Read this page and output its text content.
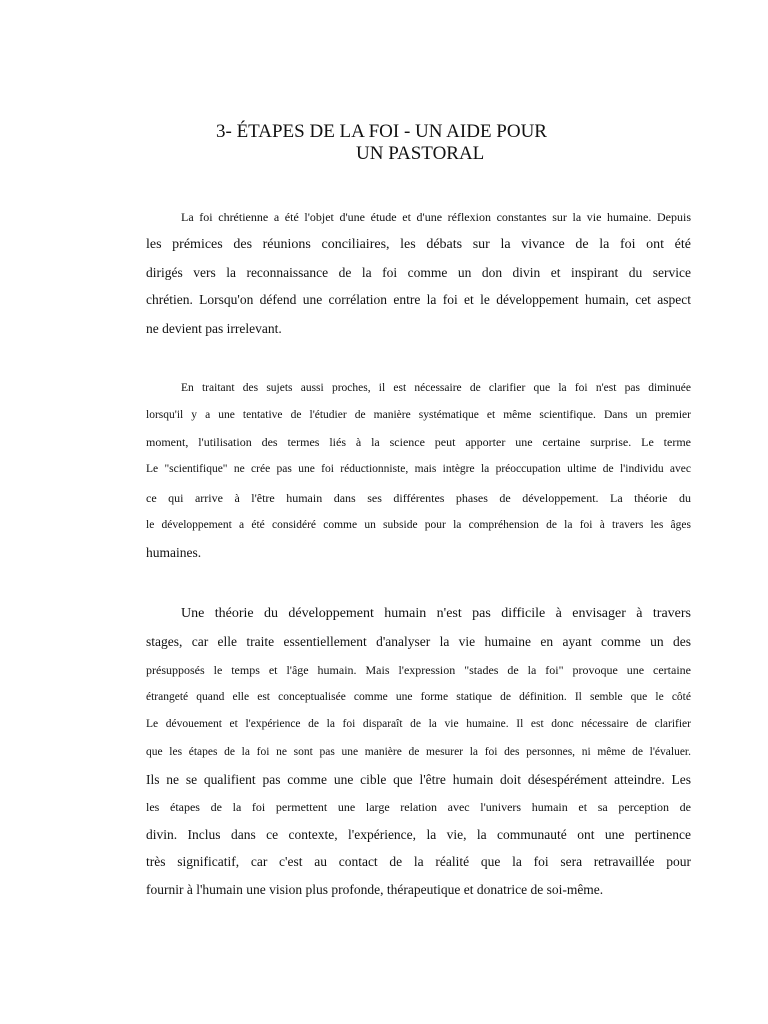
3- ÉTAPES DE LA FOI - UN AIDE POUR
UN PASTORAL
La foi chrétienne a été l'objet d'une étude et d'une réflexion constantes sur la vie humaine. Depuis
les prémices des réunions conciliaires, les débats sur la vivance de la foi ont été
dirigés vers la reconnaissance de la foi comme un don divin et inspirant du service
chrétien. Lorsqu'on défend une corrélation entre la foi et le développement humain, cet aspect
ne devient pas irrelevant.
En traitant des sujets aussi proches, il est nécessaire de clarifier que la foi n'est pas diminuée
lorsqu'il y a une tentative de l'étudier de manière systématique et même scientifique. Dans un premier
moment, l'utilisation des termes liés à la science peut apporter une certaine surprise. Le terme
Le "scientifique" ne crée pas une foi réductionniste, mais intègre la préoccupation ultime de l'individu avec
ce qui arrive à l'être humain dans ses différentes phases de développement. La théorie du
le développement a été considéré comme un subside pour la compréhension de la foi à travers les âges
humaines.
Une théorie du développement humain n'est pas difficile à envisager à travers
stages, car elle traite essentiellement d'analyser la vie humaine en ayant comme un des
présupposés le temps et l'âge humain. Mais l'expression "stades de la foi" provoque une certaine
étrangeté quand elle est conceptualisée comme une forme statique de définition. Il semble que le côté
Le dévouement et l'expérience de la foi disparaît de la vie humaine. Il est donc nécessaire de clarifier
que les étapes de la foi ne sont pas une manière de mesurer la foi des personnes, ni même de l'évaluer.
Ils ne se qualifient pas comme une cible que l'être humain doit désespérément atteindre. Les
les étapes de la foi permettent une large relation avec l'univers humain et sa perception de
divin. Inclus dans ce contexte, l'expérience, la vie, la communauté ont une pertinence
très significatif, car c'est au contact de la réalité que la foi sera retravaillée pour
fournir à l'humain une vision plus profonde, thérapeutique et donatrice de soi-même.
